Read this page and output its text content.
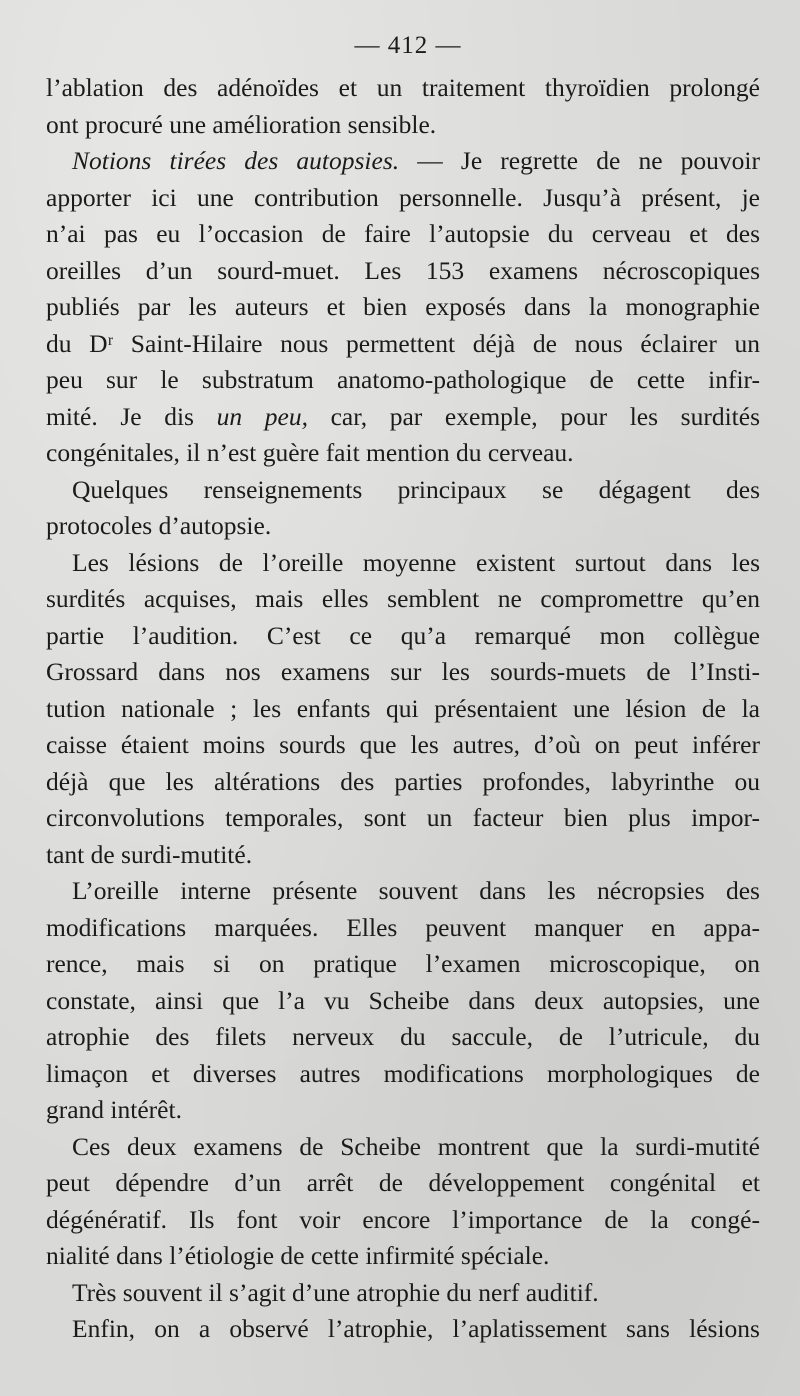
— 412 —
l’ablation des adénoïdes et un traitement thyroïdien prolongé
ont procuré une amélioration sensible.
Notions tirées des autopsies. — Je regrette de ne pouvoir
apporter ici une contribution personnelle. Jusqu’à présent, je
n’ai pas eu l’occasion de faire l’autopsie du cerveau et des
oreilles d’un sourd-muet. Les 153 examens nécroscopiques
publiés par les auteurs et bien exposés dans la monographie
du Dʳ Saint-Hilaire nous permettent déjà de nous éclairer un
peu sur le substratum anatomo-pathologique de cette infir-
mité. Je dis un peu, car, par exemple, pour les surdités
congénitales, il n’est guère fait mention du cerveau.
Quelques renseignements principaux se dégagent des
protocoles d’autopsie.
Les lésions de l’oreille moyenne existent surtout dans les
surdités acquises, mais elles semblent ne compromettre qu’en
partie l’audition. C’est ce qu’a remarqué mon collègue
Grossard dans nos examens sur les sourds-muets de l’Insti-
tution nationale ; les enfants qui présentaient une lésion de la
caisse étaient moins sourds que les autres, d’où on peut inférer
déjà que les altérations des parties profondes, labyrinthe ou
circonvolutions temporales, sont un facteur bien plus impor-
tant de surdi-mutité.
L’oreille interne présente souvent dans les nécropsies des
modifications marquées. Elles peuvent manquer en appa-
rence, mais si on pratique l’examen microscopique, on
constate, ainsi que l’a vu Scheibe dans deux autopsies, une
atrophie des filets nerveux du saccule, de l’utricule, du
limaçon et diverses autres modifications morphologiques de
grand intérêt.
Ces deux examens de Scheibe montrent que la surdi-mutité
peut dépendre d’un arrêt de développement congénital et
dégénératif. Ils font voir encore l’importance de la congé-
nialité dans l’étiologie de cette infirmité spéciale.
Très souvent il s’agit d’une atrophie du nerf auditif.
Enfin, on a observé l’atrophie, l’aplatissement sans lésions
